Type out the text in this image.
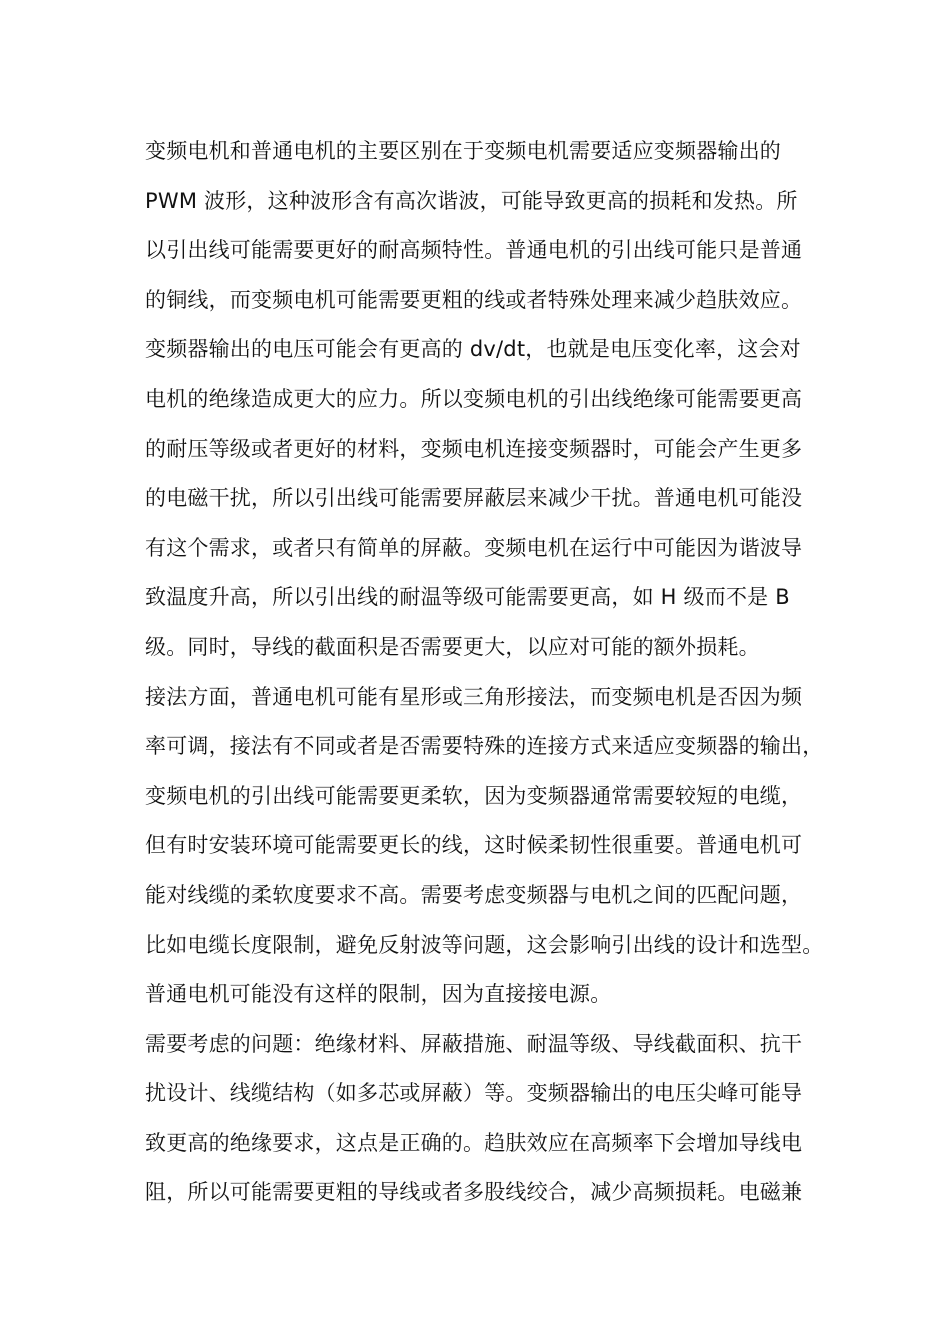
变频电机和普通电机的主要区别在于变频电机需要适应变频器输出的
PWM 波形，这种波形含有高次谐波，可能导致更高的损耗和发热。所
以引出线可能需要更好的耐高频特性。普通电机的引出线可能只是普通
的铜线，而变频电机可能需要更粗的线或者特殊处理来减少趋肤效应。
变频器输出的电压可能会有更高的 dv/dt，也就是电压变化率，这会对
电机的绝缘造成更大的应力。所以变频电机的引出线绝缘可能需要更高
的耐压等级或者更好的材料，变频电机连接变频器时，可能会产生更多
的电磁干扰，所以引出线可能需要屏蔽层来减少干扰。普通电机可能没
有这个需求，或者只有简单的屏蔽。变频电机在运行中可能因为谐波导
致温度升高，所以引出线的耐温等级可能需要更高，如 H 级而不是 B
级。同时，导线的截面积是否需要更大，以应对可能的额外损耗。
接法方面，普通电机可能有星形或三角形接法，而变频电机是否因为频
率可调，接法有不同或者是否需要特殊的连接方式来适应变频器的输出，
变频电机的引出线可能需要更柔软，因为变频器通常需要较短的电缆，
但有时安装环境可能需要更长的线，这时候柔韧性很重要。普通电机可
能对线缆的柔软度要求不高。需要考虑变频器与电机之间的匹配问题，
比如电缆长度限制，避免反射波等问题，这会影响引出线的设计和选型。
普通电机可能没有这样的限制，因为直接接电源。
需要考虑的问题：绝缘材料、屏蔽措施、耐温等级、导线截面积、抗干
扰设计、线缆结构（如多芯或屏蔽）等。变频器输出的电压尖峰可能导
致更高的绝缘要求，这点是正确的。趋肤效应在高频率下会增加导线电
阻，所以可能需要更粗的导线或者多股线绞合，减少高频损耗。电磁兼
